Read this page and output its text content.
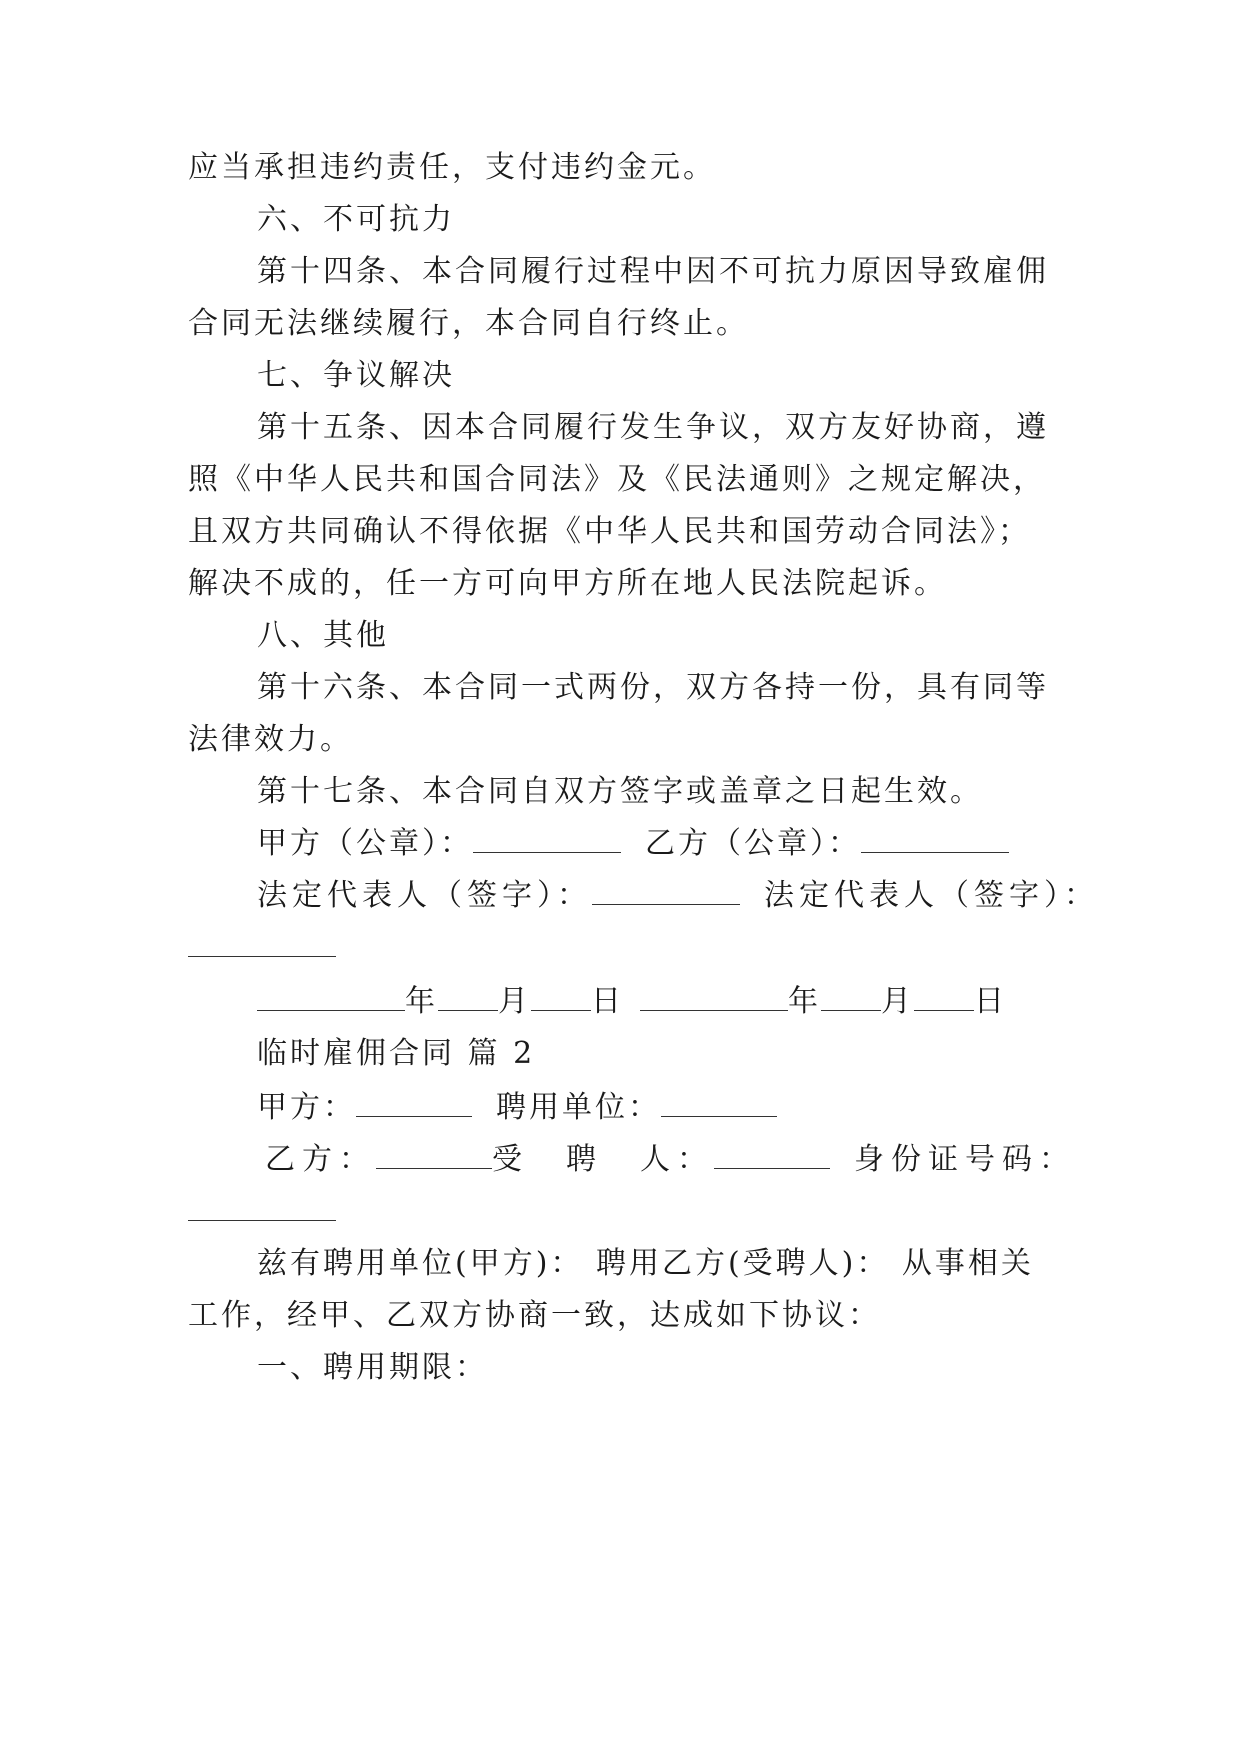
应当承担违约责任，支付违约金元。
六、不可抗力
第十四条、本合同履行过程中因不可抗力原因导致雇佣
合同无法继续履行，本合同自行终止。
七、争议解决
第十五条、因本合同履行发生争议，双方友好协商，遵
照《中华人民共和国合同法》及《民法通则》之规定解决，
且双方共同确认不得依据《中华人民共和国劳动合同法》；
解决不成的，任一方可向甲方所在地人民法院起诉。
八、其他
第十六条、本合同一式两份，双方各持一份，具有同等
法律效力。
第十七条、本合同自双方签字或盖章之日起生效。
甲方（公章）：	乙方（公章）：
法定代表人（签字）：	法定代表人（签字）：
年 月 日	年 月 日
临时雇佣合同 篇 2
甲方：	聘用单位：
乙方：	受　聘　人：	身份证号码：
兹有聘用单位(甲方)： 聘用乙方(受聘人)： 从事相关
工作，经甲、乙双方协商一致，达成如下协议：
一、聘用期限：
